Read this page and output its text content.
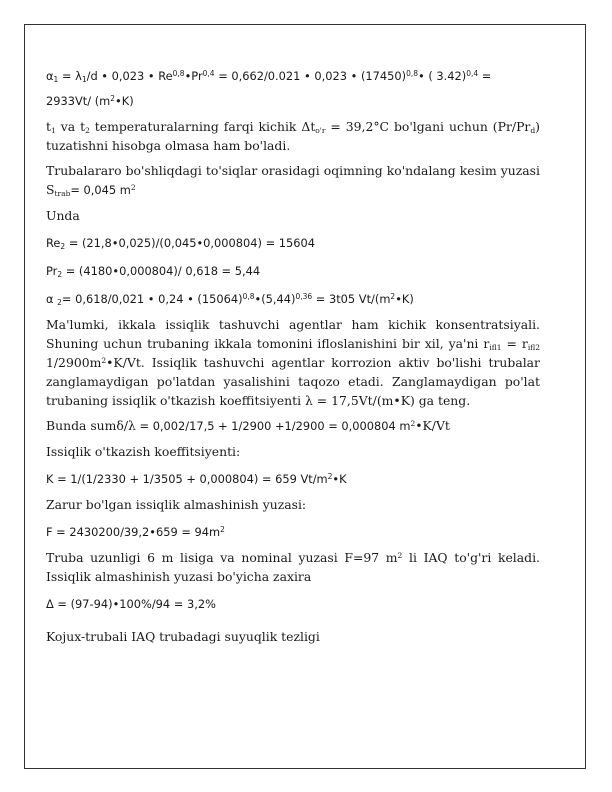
$\alpha_1 = \lambda_1/d$ • 0,023 • Re$^{0,8}$•Pr$^{0,4}$ = 0,662/0.021 • 0,023 • $(17450)^{0,8}•$ ( 3.42)$^{0,4}$ =

2933Vt/ $(m^2•K)$

$t_1$ va $t_2$ temperaturalarning farqi kichik $\Delta t_{o'r} = 39,2^\circ C$ bo'lgani uchun $(Pr/Pr_d)$ tuzatishni hisobga olmasa ham bo'ladi.

Trubalararo bo'shliqdagi to'siqlar orasidagi oqimning ko'ndalang kesim yuzasi $S_{trab}= 0,045$ $m^2$

Unda

$Re_2$ = (21,8•0,025)/(0,045•0,000804) = 15604

$Pr_2$ = (4180•0,000804)/ 0,618 = 5,44

α $_2$= 0,618/0,021 • 0,24 • $(15064)^{0,8}•(5,44)^{0,36} = 3t05$ $Vt/(m^2•K)$

Ma'lumki, ikkala issiqlik tashuvchi agentlar ham kichik konsentratsiyali. Shuning uchun trubaning ikkala tomonini ifloslanishini bir xil, ya'ni $r_{ifl1} = r_{ifl2}$ $1/2900m^2•K/Vt$. Issiqlik tashuvchi agentlar korrozion aktiv bo'lishi trubalar zanglamaydigan po'latdan yasalishini taqozo etadi. Zanglamaydigan po'lat trubaning issiqlik o'tkazish koeffitsiyenti λ = 17,5Vt/(m•K) ga teng.

Bunda sumδ/λ = 0,002/17,5 + 1/2900 +1/2900 = 0,000804 $m^2•K/Vt$

Issiqlik o'tkazish koeffitsiyenti:

K = 1/(1/2330 + 1/3505 + 0,000804) = 659 $Vt/m^2•K$

Zarur bo'lgan issiqlik almashinish yuzasi:

F = 2430200/39,2•659 = $94m^2$

Truba uzunligi 6 m lisiga va nominal yuzasi F=97 $m^2$ li IAQ to'g'ri keladi. Issiqlik almashinish yuzasi bo'yicha zaxira

Δ = (97-94)•100%/94 = 3,2%

Kojux-trubali IAQ trubadagi suyuqlik tezligi
